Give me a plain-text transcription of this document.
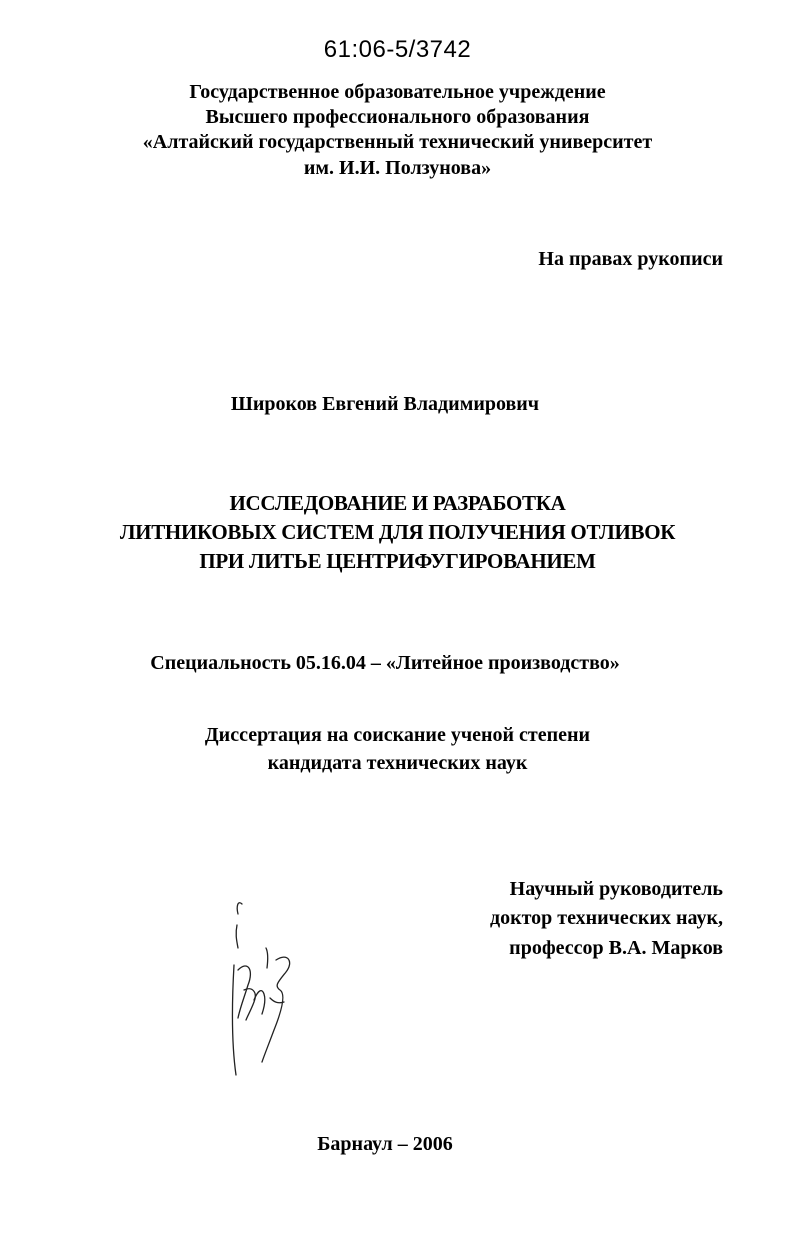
61:06-5/3742
Государственное образовательное учреждение
Высшего профессионального образования
«Алтайский государственный технический университет
им. И.И. Ползунова»
На правах рукописи
Широков Евгений Владимирович
ИССЛЕДОВАНИЕ И РАЗРАБОТКА
ЛИТНИКОВЫХ СИСТЕМ ДЛЯ ПОЛУЧЕНИЯ ОТЛИВОК
ПРИ ЛИТЬЕ ЦЕНТРИФУГИРОВАНИЕМ
Специальность 05.16.04 – «Литейное производство»
Диссертация на соискание ученой степени
кандидата технических наук
Научный руководитель
доктор технических наук,
профессор В.А. Марков
Барнаул – 2006
